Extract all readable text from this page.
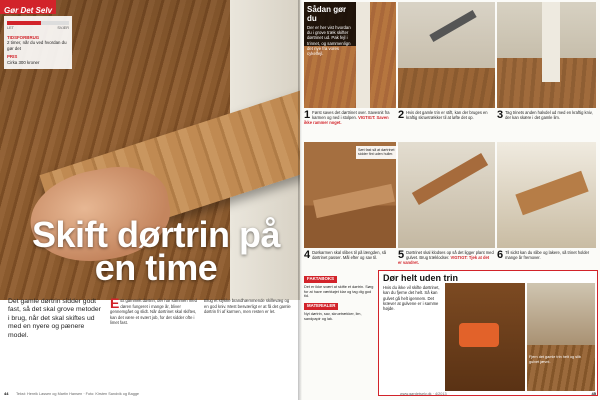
Gør Det Selv
LET	SVÆR
TIDSFORBRUG
2 timer, når du ved hvordan du gør det
PRIS
Cirka 300 kroner
Skift dørtrin på en time
Det gamle dørtrin sidder godt fast, så det skal grove metoder i brug, når det skal skiftes ud med en nyere og pænere model.
E Et gammelt dørtrin, der har sammen med døren fungeret i mange år, bliver gennemgået og slidt. Når dørtrinet skal skiftes, kan det være et svært job, for det sidder ofte i limet fast.
Brug et stykke brandhæmmende skillevæg og en god kniv. Mest besværligt er at få det gamle dørtrin fri af karmen, men resten er let.
44 Tekst: Henrik Lassen og Martin Hansen · Foto: Kirsten Sandvik og Bagge
Sådan gør du
Der er her vist hvordan du i grove træk skifter dørtrinet ud. Pak fejl i trinnet, og sammenlign det nye fra vores cykelfejl.
1 Først saves det dørtrinet over. Savesnit fra karmen og ned i stolpen. VIGTIGT: Saven ikke rammer noget.
2 Hvis det gamle trin er stift, kan der bruges en kraftig skruetrækker til at løfte det op.	3 Tag trinets anden halvdel ud med en kraftig kniv, der kan skære i det gamle lim.
Sæt fast så at dørtrinet sidder fint uden huller.
4 Dørkarmen skal slibes til på længden, så dørtrinet passer. Mål efter og sav til.	5 Dørtrinet skal klodses op så det ligger plant med gulvet. Brug træklodser. VIGTIGT: Tjek at det er vandret.
6 Til sidst kan du slibe og lakere, så trinet holder mange år fremover.
FAKTABOKS
Det er ikke svært at skifte et dørtrin. Sørg for at have værktøjet klar og tag dig god tid.
MATERIALER
Nyt dørtrin, sav, skruetrækker, lim, sandpapir og lak.
Dør helt uden trin
Hvis du ikke vil skifte dørtrinet, kan du fjerne det helt. Så kan gulvet gå helt igennem. Det kræver at gulvene er i samme højde.
Fjern det gamle trin helt og slib gulvet jævnt.
www.gørdetselv.dk · 4/2013	45
